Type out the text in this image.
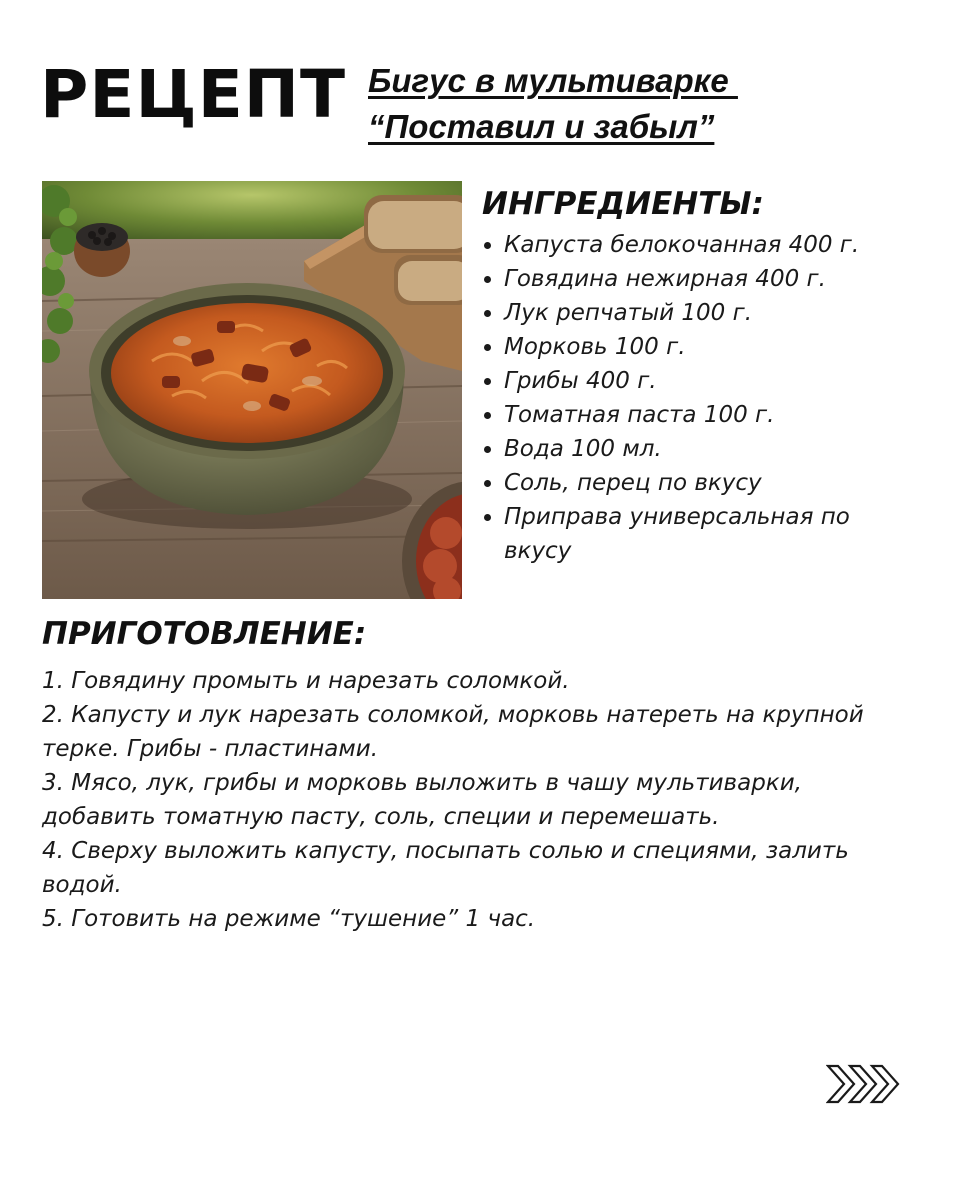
РЕЦЕПТ Бигус в мультиварке
“Поставил и забыл”
ИНГРЕДИЕНТЫ:
Капуста белокочанная 400 г.
Говядина нежирная 400 г.
Лук репчатый 100 г.
Морковь 100 г.
Грибы 400 г.
Томатная паста 100 г.
Вода 100 мл.
Соль, перец по вкусу
Приправа универсальная по
вкусу
ПРИГОТОВЛЕНИЕ:
1. Говядину промыть и нарезать соломкой.
2. Капусту и лук нарезать соломкой, морковь натереть на крупной
терке. Грибы - пластинами.
3. Мясо, лук, грибы и морковь выложить в чашу мультиварки,
добавить томатную пасту, соль, специи и перемешать.
4. Сверху выложить капусту, посыпать солью и специями, залить
водой.
5. Готовить на режиме “тушение” 1 час.
